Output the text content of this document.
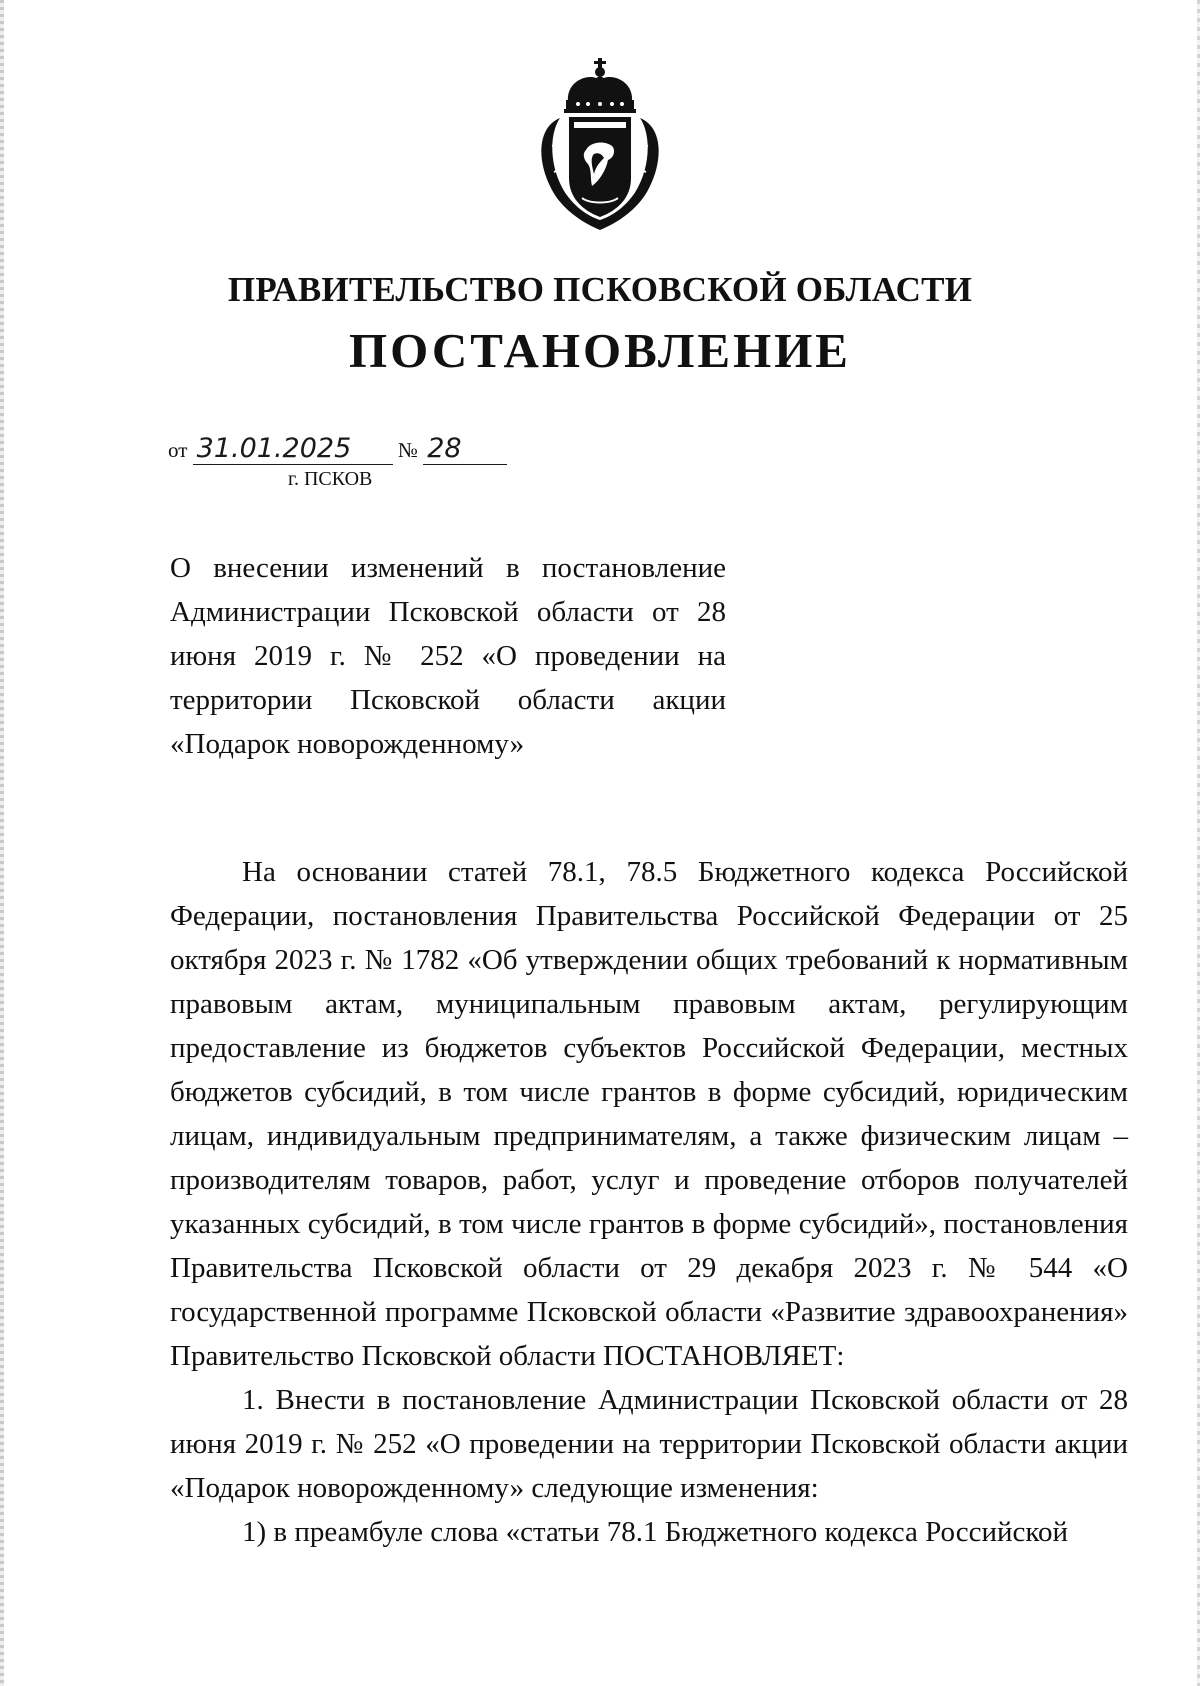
ПРАВИТЕЛЬСТВО ПСКОВСКОЙ ОБЛАСТИ
ПОСТАНОВЛЕНИЕ
от 31.01.2025 № 28
г. ПСКОВ
О внесении изменений в постановление Администрации Псковской области от 28 июня 2019 г. № 252 «О проведении на территории Псковской области акции «Подарок новорожденному»

На основании статей 78.1, 78.5 Бюджетного кодекса Российской Федерации, постановления Правительства Российской Федерации от 25 октября 2023 г. № 1782 «Об утверждении общих требований к нормативным правовым актам, муниципальным правовым актам, регулирующим предоставление из бюджетов субъектов Российской Федерации, местных бюджетов субсидий, в том числе грантов в форме субсидий, юридическим лицам, индивидуальным предпринимателям, а также физическим лицам – производителям товаров, работ, услуг и проведение отборов получателей указанных субсидий, в том числе грантов в форме субсидий», постановления Правительства Псковской области от 29 декабря 2023 г. № 544 «О государственной программе Псковской области «Развитие здравоохранения» Правительство Псковской области ПОСТАНОВЛЯЕТ:

1. Внести в постановление Администрации Псковской области от 28 июня 2019 г. № 252 «О проведении на территории Псковской области акции «Подарок новорожденному» следующие изменения:

1) в преамбуле слова «статьи 78.1 Бюджетного кодекса Российской
